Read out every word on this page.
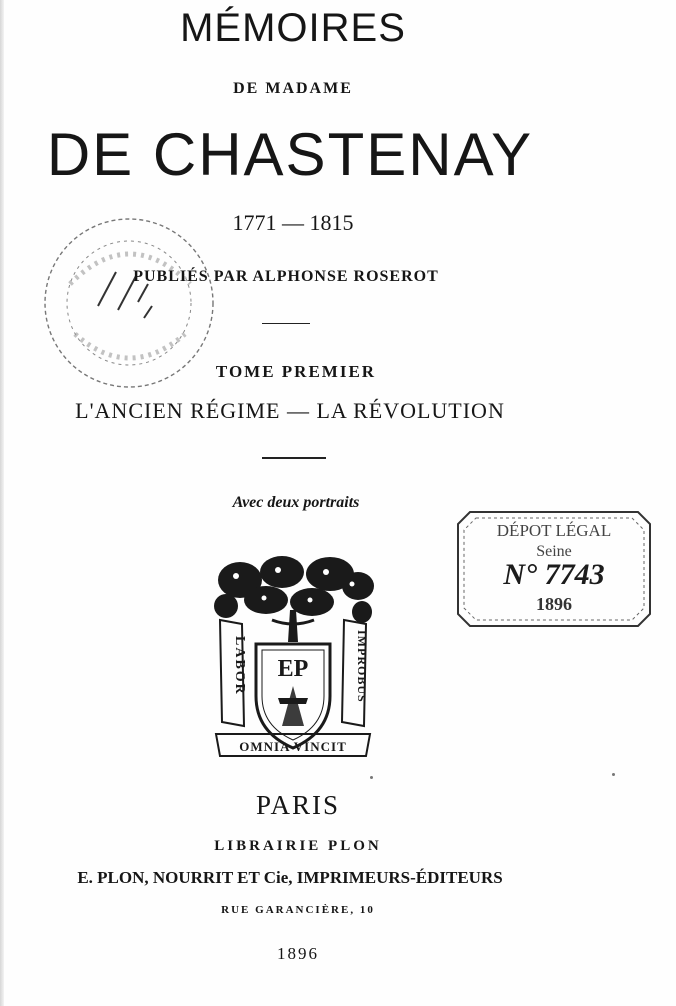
MÉMOIRES
DE MADAME
DE CHASTENAY
1771 — 1815
PUBLIÉS PAR ALPHONSE ROSEROT
TOME PREMIER
L'ANCIEN RÉGIME — LA RÉVOLUTION
Avec deux portraits
DÉPOT LÉGAL
Seine
N° 7743
1896
LABOR	IMPROBUS
EP
OMNIA VINCIT
PARIS
LIBRAIRIE PLON
E. PLON, NOURRIT ET Cie, IMPRIMEURS-ÉDITEURS
RUE GARANCIÈRE, 10
1896
